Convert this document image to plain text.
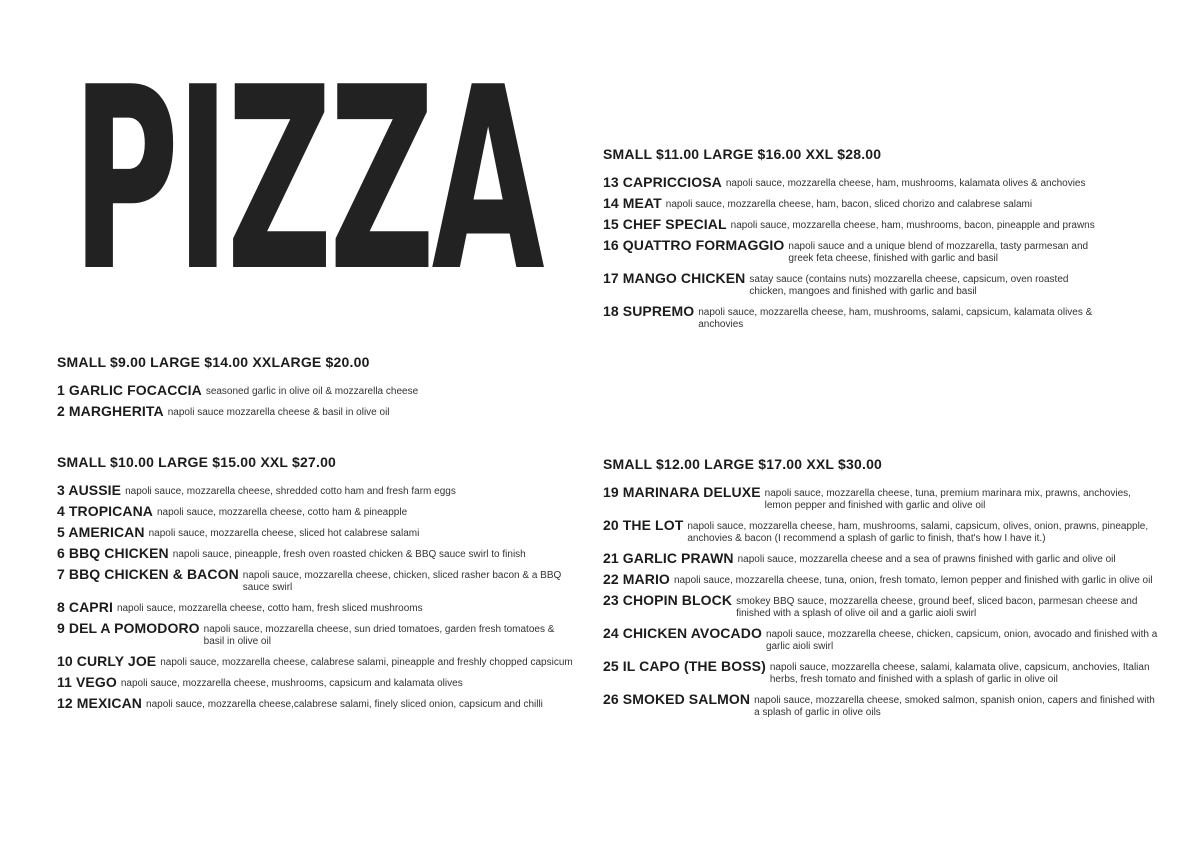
PIZZA
SMALL $9.00 LARGE $14.00 XXLARGE $20.00
1 GARLIC FOCACCIA seasoned garlic in olive oil & mozzarella cheese
2 MARGHERITA napoli sauce mozzarella cheese & basil in olive oil
SMALL $10.00 LARGE $15.00 XXL $27.00
3 AUSSIE napoli sauce, mozzarella cheese, shredded cotto ham and fresh farm eggs
4 TROPICANA napoli sauce, mozzarella cheese, cotto ham & pineapple
5 AMERICAN napoli sauce, mozzarella cheese, sliced hot calabrese salami
6 BBQ CHICKEN napoli sauce, pineapple, fresh oven roasted chicken & BBQ sauce swirl to finish
7 BBQ CHICKEN & BACON napoli sauce, mozzarella cheese, chicken, sliced rasher bacon & a BBQ sauce swirl
8 CAPRI napoli sauce, mozzarella cheese, cotto ham, fresh sliced mushrooms
9 DEL A POMODORO napoli sauce, mozzarella cheese, sun dried tomatoes, garden fresh tomatoes & basil in olive oil
10 CURLY JOE napoli sauce, mozzarella cheese, calabrese salami, pineapple and freshly chopped capsicum
11 VEGO napoli sauce, mozzarella cheese, mushrooms, capsicum and kalamata olives
12 MEXICAN napoli sauce, mozzarella cheese,calabrese salami, finely sliced onion, capsicum and chilli
SMALL $11.00 LARGE $16.00 XXL $28.00
13 CAPRICCIOSA napoli sauce, mozzarella cheese, ham, mushrooms, kalamata olives & anchovies
14 MEAT napoli sauce, mozzarella cheese, ham, bacon, sliced chorizo and calabrese salami
15 CHEF SPECIAL napoli sauce, mozzarella cheese, ham, mushrooms, bacon, pineapple and prawns
16 QUATTRO FORMAGGIO napoli sauce and a unique blend of mozzarella, tasty parmesan and greek feta cheese, finished with garlic and basil
17 MANGO CHICKEN satay sauce (contains nuts) mozzarella cheese, capsicum, oven roasted chicken, mangoes and finished with garlic and basil
18 SUPREMO napoli sauce, mozzarella cheese, ham, mushrooms, salami, capsicum, kalamata olives & anchovies
SMALL $12.00 LARGE $17.00 XXL $30.00
19 MARINARA DELUXE napoli sauce, mozzarella cheese, tuna, premium marinara mix, prawns, anchovies, lemon pepper and finished with garlic and olive oil
20 THE LOT napoli sauce, mozzarella cheese, ham, mushrooms, salami, capsicum, olives, onion, prawns, pineapple, anchovies & bacon (I recommend a splash of garlic to finish, that's how I have it.)
21 GARLIC PRAWN napoli sauce, mozzarella cheese and a sea of prawns finished with garlic and olive oil
22 MARIO napoli sauce, mozzarella cheese, tuna, onion, fresh tomato, lemon pepper and finished with garlic in olive oil
23 CHOPIN BLOCK smokey BBQ sauce, mozzarella cheese, ground beef, sliced bacon, parmesan cheese and finished with a splash of olive oil and a garlic aioli swirl
24 CHICKEN AVOCADO napoli sauce, mozzarella cheese, chicken, capsicum, onion, avocado and finished with a garlic aioli swirl
25 IL CAPO (THE BOSS) napoli sauce, mozzarella cheese, salami, kalamata olive, capsicum, anchovies, Italian herbs, fresh tomato and finished with a splash of garlic in olive oil
26 SMOKED SALMON napoli sauce, mozzarella cheese, smoked salmon, spanish onion, capers and finished with a splash of garlic in olive oils
